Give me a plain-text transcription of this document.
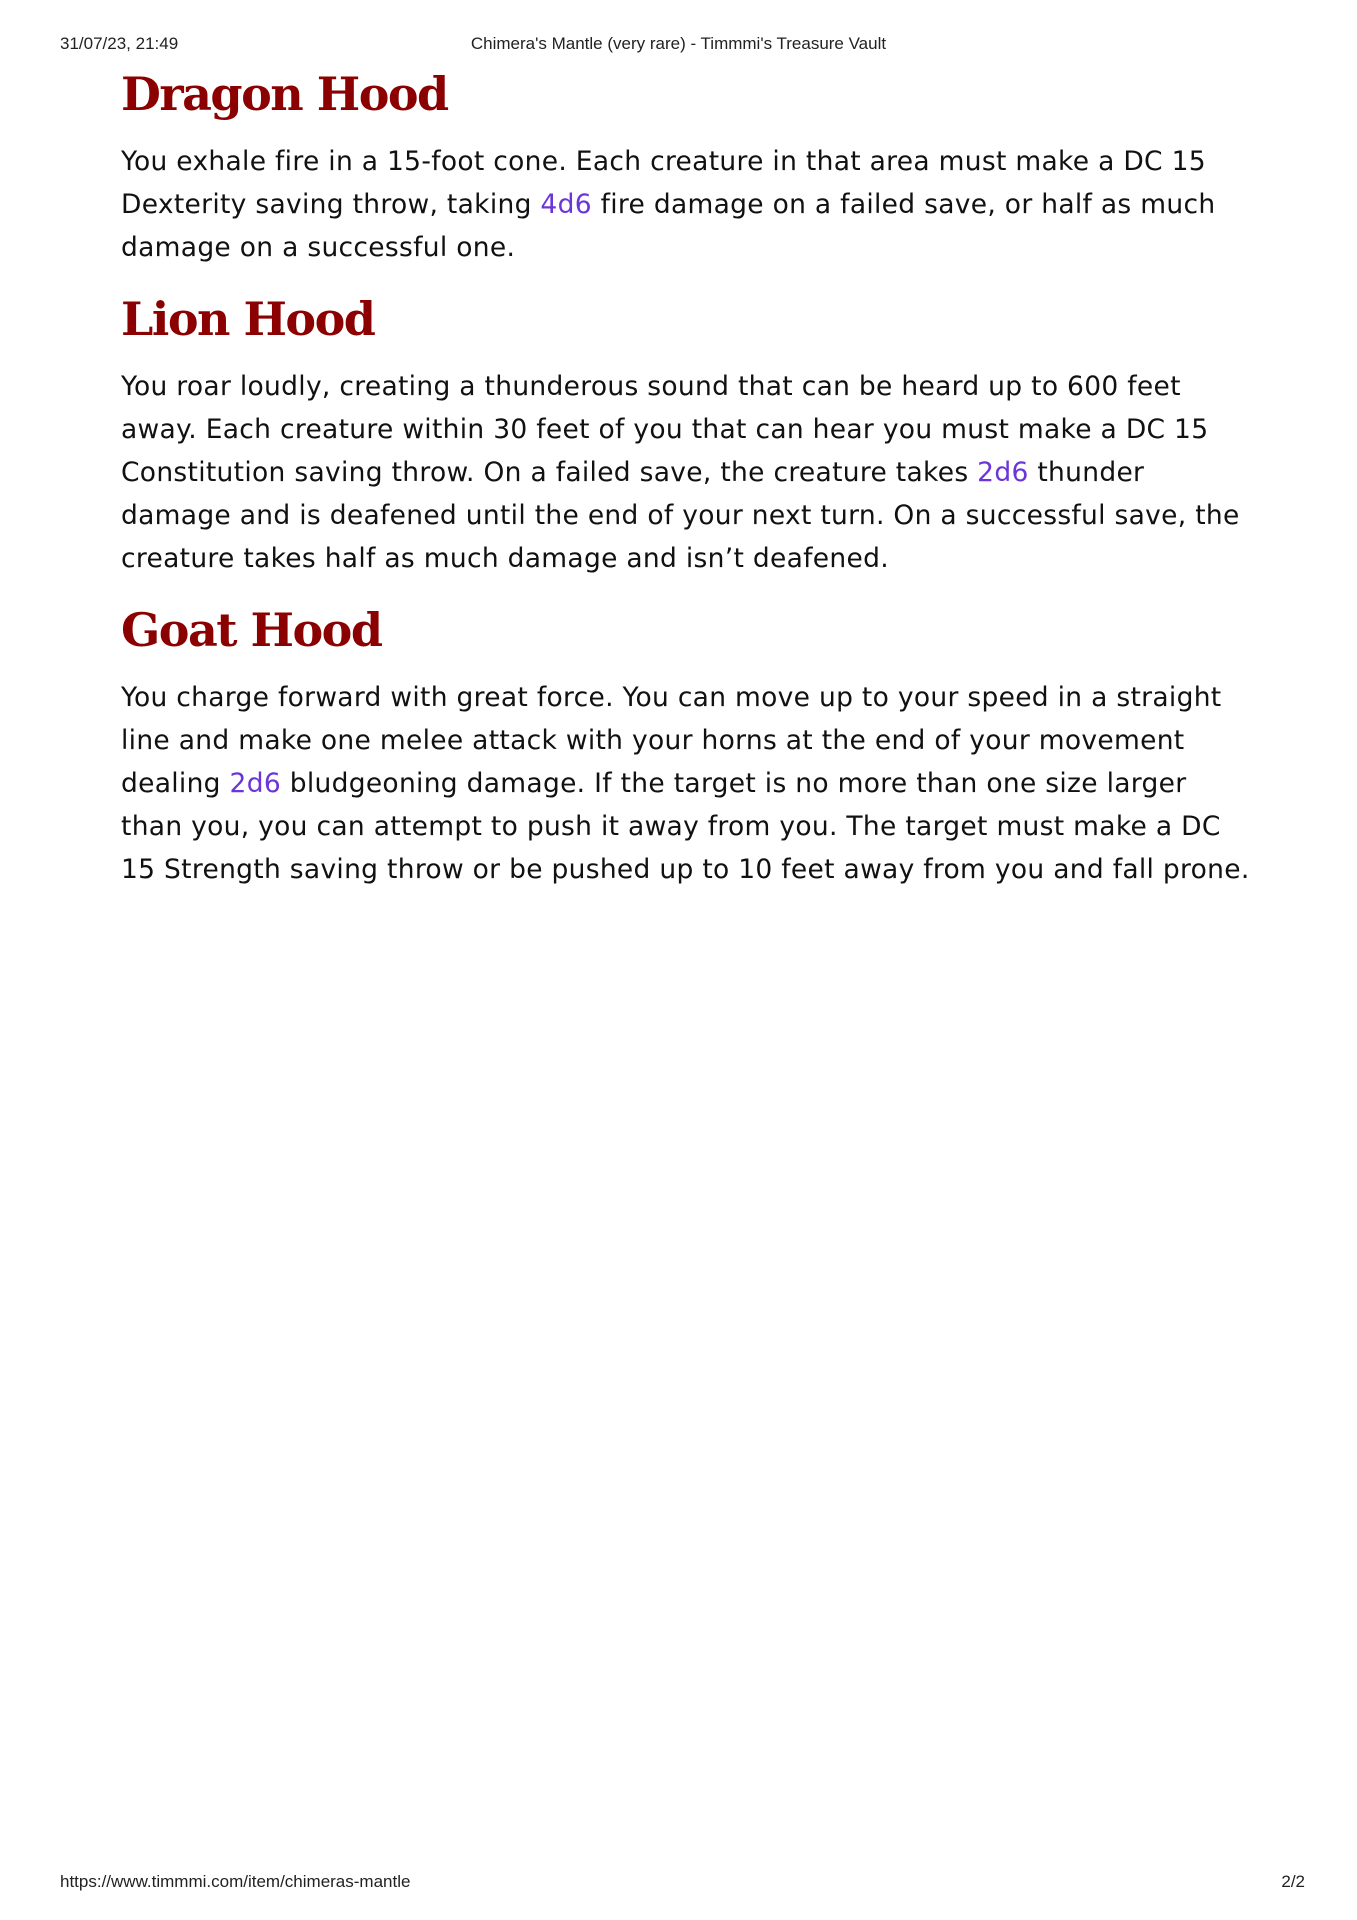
31/07/23, 21:49	Chimera's Mantle (very rare) - Timmmi's Treasure Vault
Dragon Hood

You exhale fire in a 15-foot cone. Each creature in that area must make a DC 15 Dexterity saving throw, taking 4d6 fire damage on a failed save, or half as much damage on a successful one.

Lion Hood

You roar loudly, creating a thunderous sound that can be heard up to 600 feet away. Each creature within 30 feet of you that can hear you must make a DC 15 Constitution saving throw. On a failed save, the creature takes 2d6 thunder damage and is deafened until the end of your next turn. On a successful save, the creature takes half as much damage and isn’t deafened.

Goat Hood

You charge forward with great force. You can move up to your speed in a straight line and make one melee attack with your horns at the end of your movement dealing 2d6 bludgeoning damage. If the target is no more than one size larger than you, you can attempt to push it away from you. The target must make a DC 15 Strength saving throw or be pushed up to 10 feet away from you and fall prone.

https://www.timmmi.com/item/chimeras-mantle	2/2
